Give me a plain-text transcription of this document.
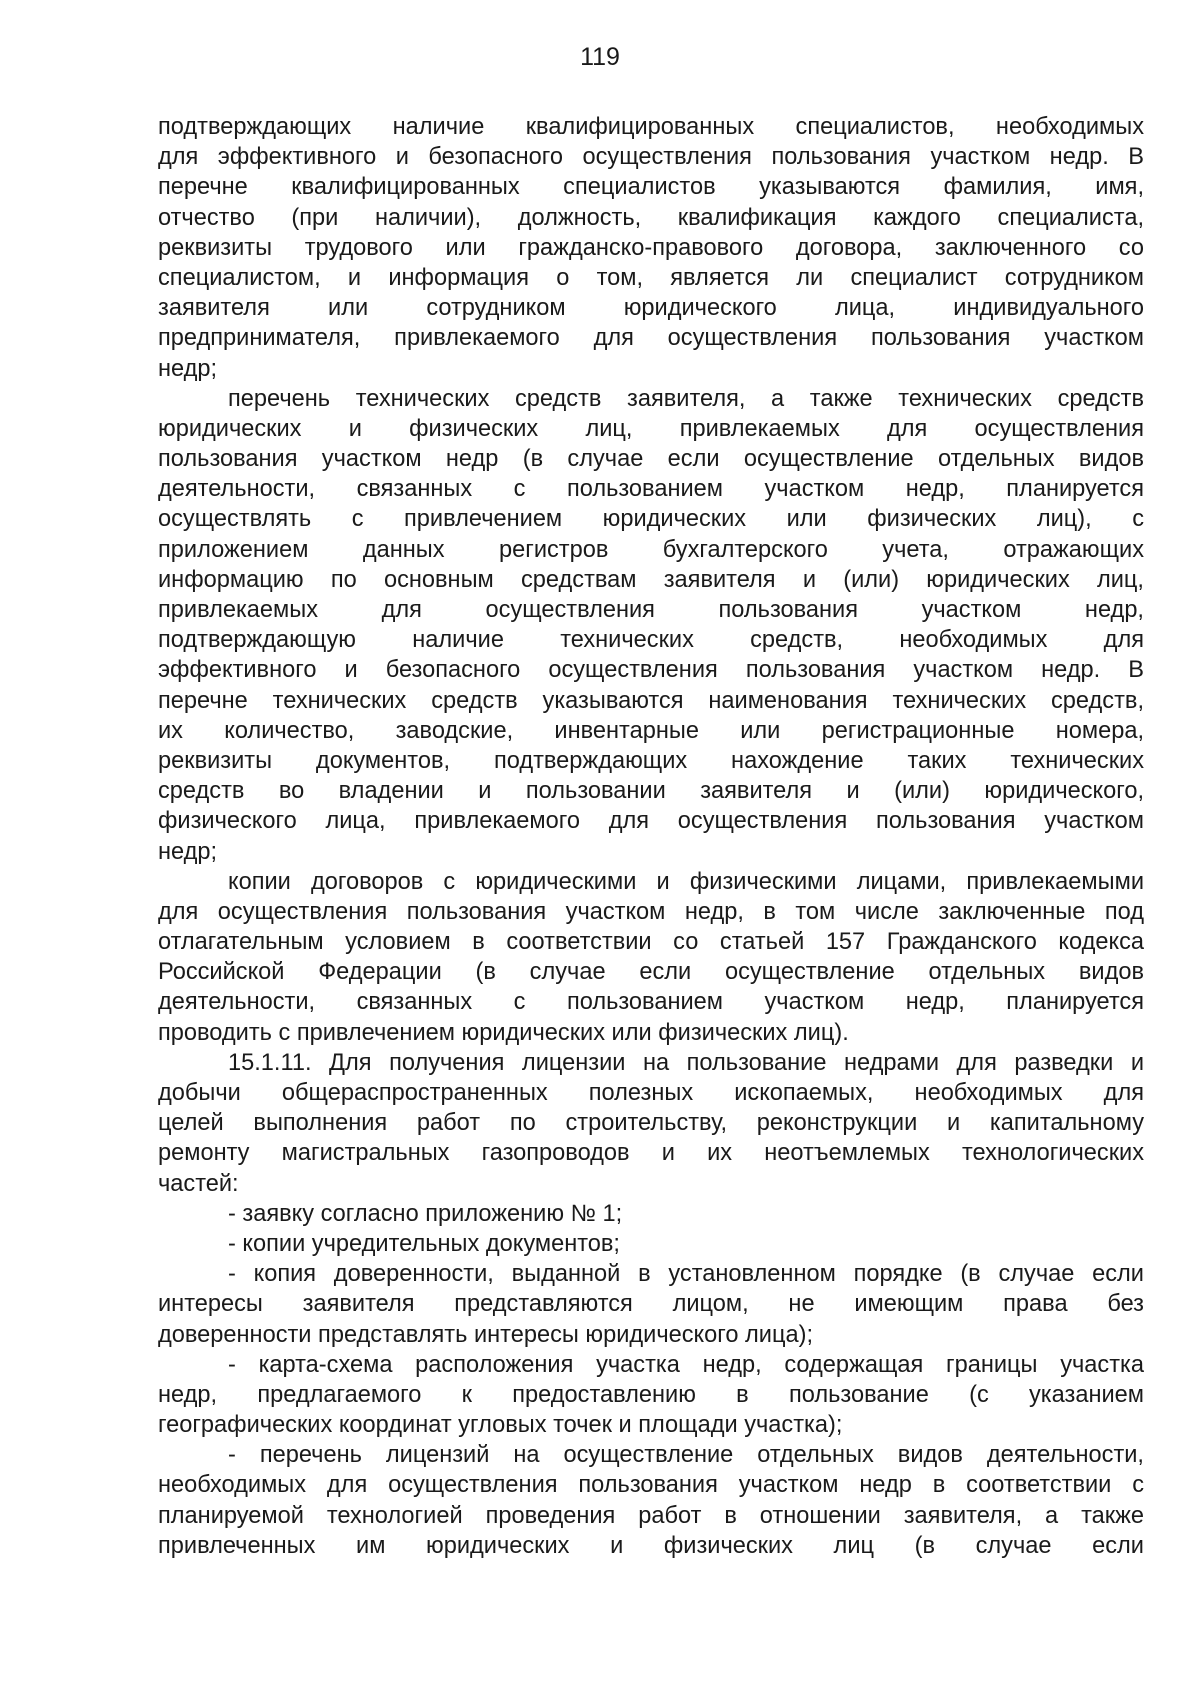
119
подтверждающих наличие квалифицированных специалистов, необходимых
для эффективного и безопасного осуществления пользования участком недр. В
перечне квалифицированных специалистов указываются фамилия, имя,
отчество (при наличии), должность, квалификация каждого специалиста,
реквизиты трудового или гражданско-правового договора, заключенного со
специалистом, и информация о том, является ли специалист сотрудником
заявителя или сотрудником юридического лица, индивидуального
предпринимателя, привлекаемого для осуществления пользования участком
недр;
перечень технических средств заявителя, а также технических средств
юридических и физических лиц, привлекаемых для осуществления
пользования участком недр (в случае если осуществление отдельных видов
деятельности, связанных с пользованием участком недр, планируется
осуществлять с привлечением юридических или физических лиц), с
приложением данных регистров бухгалтерского учета, отражающих
информацию по основным средствам заявителя и (или) юридических лиц,
привлекаемых для осуществления пользования участком недр,
подтверждающую наличие технических средств, необходимых для
эффективного и безопасного осуществления пользования участком недр. В
перечне технических средств указываются наименования технических средств,
их количество, заводские, инвентарные или регистрационные номера,
реквизиты документов, подтверждающих нахождение таких технических
средств во владении и пользовании заявителя и (или) юридического,
физического лица, привлекаемого для осуществления пользования участком
недр;
копии договоров с юридическими и физическими лицами, привлекаемыми
для осуществления пользования участком недр, в том числе заключенные под
отлагательным условием в соответствии со статьей 157 Гражданского кодекса
Российской Федерации (в случае если осуществление отдельных видов
деятельности, связанных с пользованием участком недр, планируется
проводить с привлечением юридических или физических лиц).
15.1.11. Для получения лицензии на пользование недрами для разведки и
добычи общераспространенных полезных ископаемых, необходимых для
целей выполнения работ по строительству, реконструкции и капитальному
ремонту магистральных газопроводов и их неотъемлемых технологических
частей:
- заявку согласно приложению № 1;
- копии учредительных документов;
- копия доверенности, выданной в установленном порядке (в случае если
интересы заявителя представляются лицом, не имеющим права без
доверенности представлять интересы юридического лица);
- карта-схема расположения участка недр, содержащая границы участка
недр, предлагаемого к предоставлению в пользование (с указанием
географических координат угловых точек и площади участка);
- перечень лицензий на осуществление отдельных видов деятельности,
необходимых для осуществления пользования участком недр в соответствии с
планируемой технологией проведения работ в отношении заявителя, а также
привлеченных им юридических и физических лиц (в случае если
